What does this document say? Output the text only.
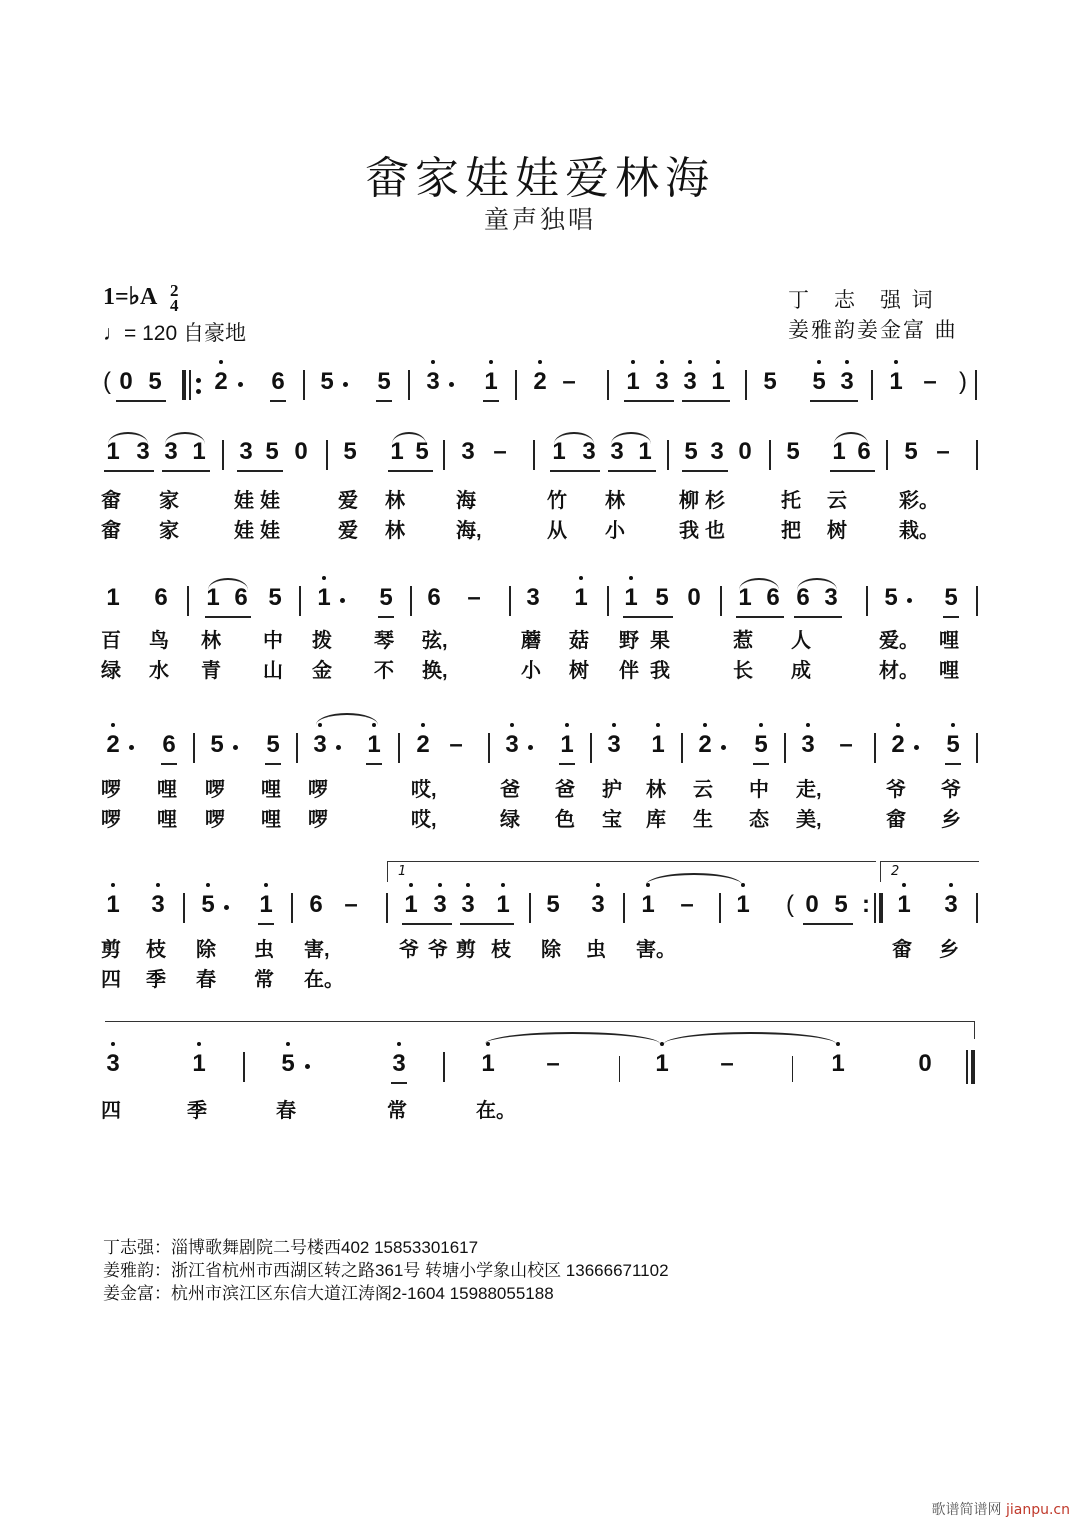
畲家娃娃爱林海
童声独唱
1=♭A 2
4
♩= 120 自豪地
丁　志　强 词
姜雅韵姜金富 曲
( 0 5 2 6 5 5 3 1 2 – 1 3 3 1 5 5 3 1 – )
1 3 3 1 3 5 0 5 1 5 3 – 1 3 3 1 5 3 0 5 1 6 5 –
畲 家	娃 娃	爱 林	海	竹 林	柳 杉	托 云	彩。
畲 家	娃 娃	爱 林	海,	从 小	我 也	把 树	栽。
1 6 1 6 5 1 5 6 – 3 1 1 5 0 1 6 6 3 5 5
百 鸟 林 中 拨 琴 弦,	蘑 菇 野 果	惹 人	爱。 哩
绿 水 青 山 金 不 换,	小 树 伴 我	长 成	材。 哩
2 6 5 5 3 1 2 – 3 1 3 1 2 5 3 – 2 5
啰 哩 啰 哩 啰	哎,	爸 爸 护 林 云 中 走,	爷 爷
啰 哩 啰 哩 啰	哎,	绿 色 宝 库 生 态 美,	畲 乡
1	2
1 3 5 1 6 – 1 3 3 1 5 3 1 – 1	( 0 5 :	1 3
剪 枝 除 虫 害,	爷 爷 剪 枝 除 虫 害。	畲 乡
四 季 春 常 在。
3	1	5	3	1 –	1 –	1	0
四	季	春	常	在。
丁志强：淄博歌舞剧院二号楼西402 15853301617
姜雅韵：浙江省杭州市西湖区转之路361号 转塘小学象山校区 13666671102
姜金富：杭州市滨江区东信大道江涛阁2-1604 15988055188
歌谱简谱网 jianpu.cn
